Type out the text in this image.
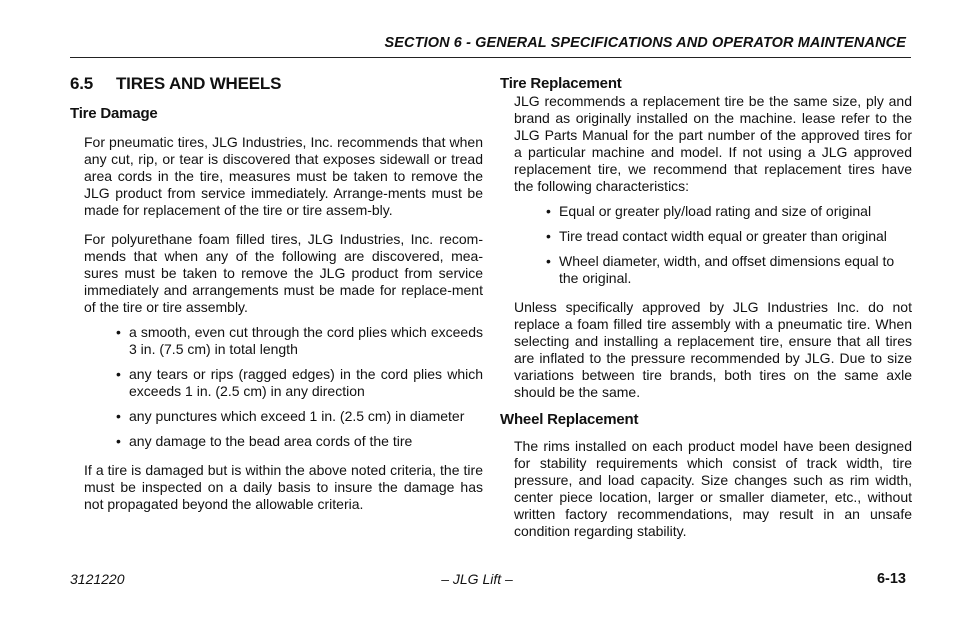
SECTION 6 - GENERAL SPECIFICATIONS AND OPERATOR MAINTENANCE
6.5 TIRES AND WHEELS
Tire Damage

For pneumatic tires, JLG Industries, Inc. recommends that when any cut, rip, or tear is discovered that exposes sidewall or tread area cords in the tire, measures must be taken to remove the JLG product from service immediately. Arrange-ments must be made for replacement of the tire or tire assem-bly.

For polyurethane foam filled tires, JLG Industries, Inc. recom-mends that when any of the following are discovered, mea-sures must be taken to remove the JLG product from service immediately and arrangements must be made for replace-ment of the tire or tire assembly.

• a smooth, even cut through the cord plies which exceeds 3 in. (7.5 cm) in total length
• any tears or rips (ragged edges) in the cord plies which exceeds 1 in. (2.5 cm) in any direction
• any punctures which exceed 1 in. (2.5 cm) in diameter
• any damage to the bead area cords of the tire

If a tire is damaged but is within the above noted criteria, the tire must be inspected on a daily basis to insure the damage has not propagated beyond the allowable criteria.

Tire Replacement

JLG recommends a replacement tire be the same size, ply and brand as originally installed on the machine. lease refer to the JLG Parts Manual for the part number of the approved tires for a particular machine and model. If not using a JLG approved replacement tire, we recommend that replacement tires have the following characteristics:

• Equal or greater ply/load rating and size of original
• Tire tread contact width equal or greater than original
• Wheel diameter, width, and offset dimensions equal to the original.

Unless specifically approved by JLG Industries Inc. do not replace a foam filled tire assembly with a pneumatic tire. When selecting and installing a replacement tire, ensure that all tires are inflated to the pressure recommended by JLG. Due to size variations between tire brands, both tires on the same axle should be the same.

Wheel Replacement

The rims installed on each product model have been designed for stability requirements which consist of track width, tire pressure, and load capacity. Size changes such as rim width, center piece location, larger or smaller diameter, etc., without written factory recommendations, may result in an unsafe condition regarding stability.

3121220	– JLG Lift –	6-13
